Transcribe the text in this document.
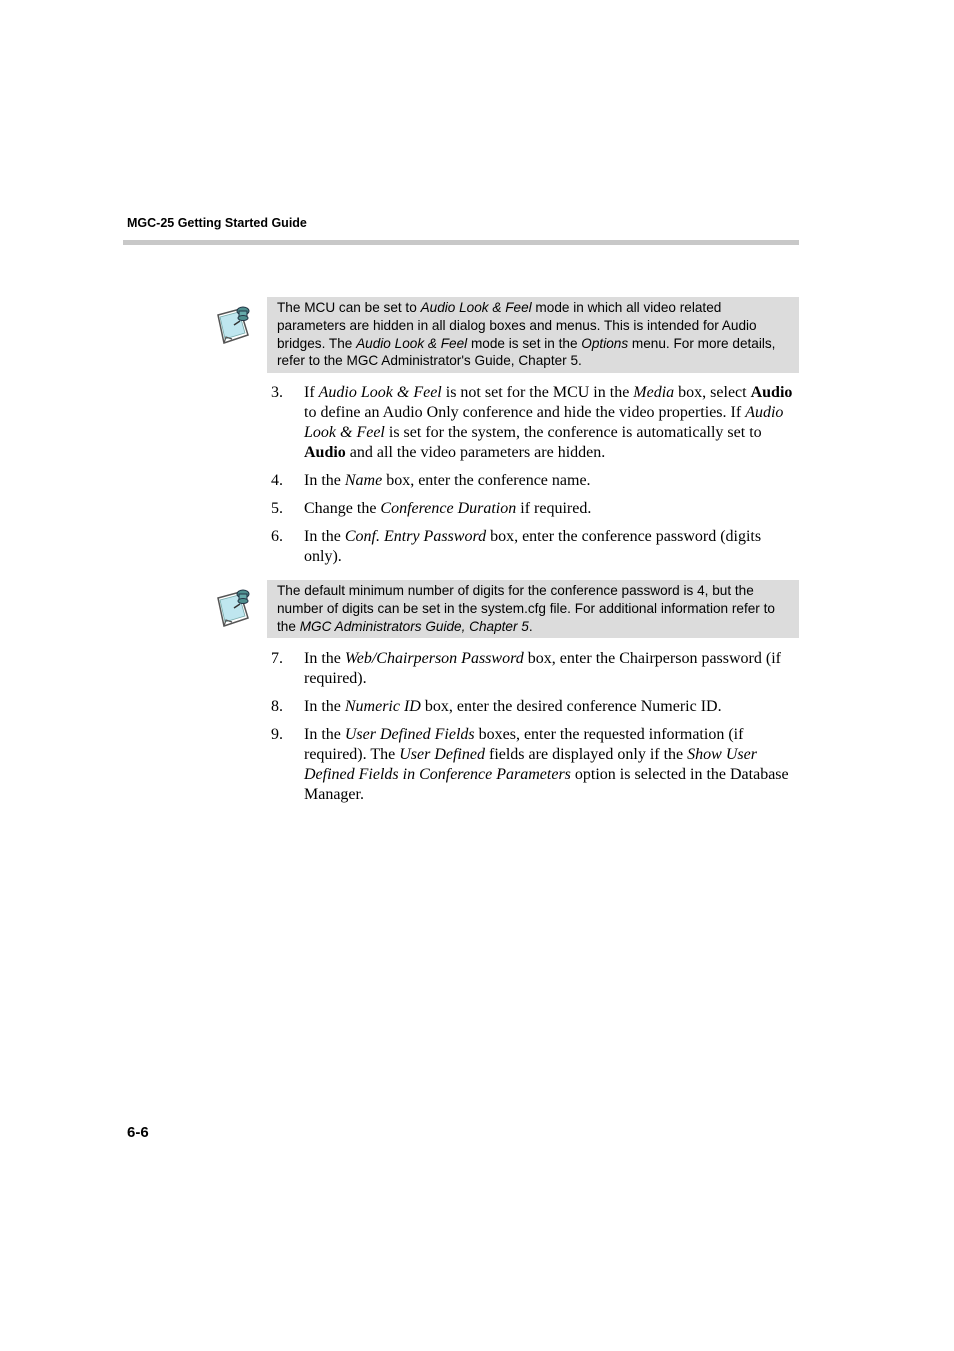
MGC-25 Getting Started Guide
The MCU can be set to Audio Look & Feel mode in which all video related parameters are hidden in all dialog boxes and menus. This is intended for Audio bridges. The Audio Look & Feel mode is set in the Options menu. For more details, refer to the MGC Administrator's Guide, Chapter 5.
3. If Audio Look & Feel is not set for the MCU in the Media box, select Audio to define an Audio Only conference and hide the video properties. If Audio Look & Feel is set for the system, the conference is automatically set to Audio and all the video parameters are hidden.
4. In the Name box, enter the conference name.
5. Change the Conference Duration if required.
6. In the Conf. Entry Password box, enter the conference password (digits only).
The default minimum number of digits for the conference password is 4, but the number of digits can be set in the system.cfg file. For additional information refer to the MGC Administrators Guide, Chapter 5.
7. In the Web/Chairperson Password box, enter the Chairperson password (if required).
8. In the Numeric ID box, enter the desired conference Numeric ID.
9. In the User Defined Fields boxes, enter the requested information (if required). The User Defined fields are displayed only if the Show User Defined Fields in Conference Parameters option is selected in the Database Manager.
6-6
